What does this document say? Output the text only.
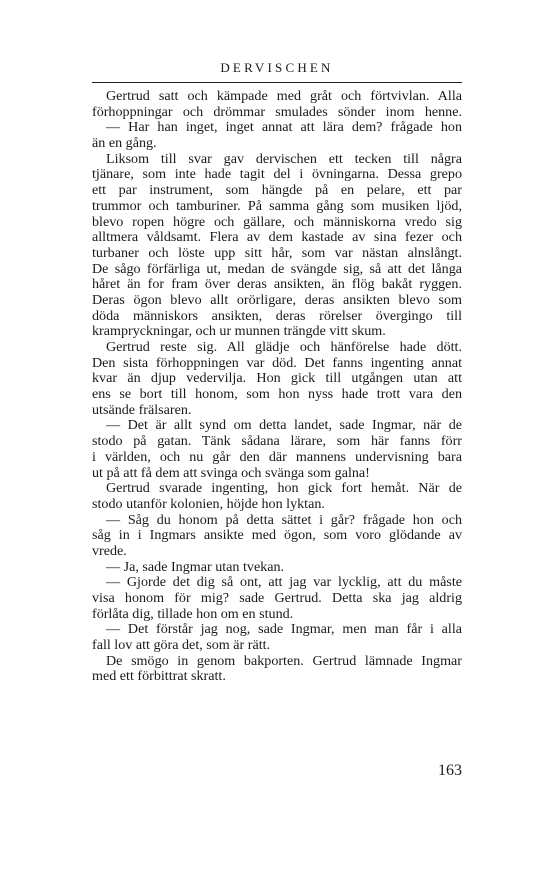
DERVISCHEN
Gertrud satt och kämpade med gråt och förtvivlan. Alla
förhoppningar och drömmar smulades sönder inom henne.
— Har han inget, inget annat att lära dem? frågade hon
än en gång.
Liksom till svar gav dervischen ett tecken till några
tjänare, som inte hade tagit del i övningarna. Dessa grepo
ett par instrument, som hängde på en pelare, ett par
trummor och tamburiner. På samma gång som musiken ljöd,
blevo ropen högre och gällare, och människorna vredo sig
alltmera våldsamt. Flera av dem kastade av sina fezer och
turbaner och löste upp sitt hår, som var nästan alnslångt.
De sågo förfärliga ut, medan de svängde sig, så att det långa
håret än for fram över deras ansikten, än flög bakåt ryggen.
Deras ögon blevo allt orörligare, deras ansikten blevo som
döda människors ansikten, deras rörelser övergingo till
krampryckningar, och ur munnen trängde vitt skum.
Gertrud reste sig. All glädje och hänförelse hade dött.
Den sista förhoppningen var död. Det fanns ingenting annat
kvar än djup vedervilja. Hon gick till utgången utan att
ens se bort till honom, som hon nyss hade trott vara den
utsände frälsaren.
— Det är allt synd om detta landet, sade Ingmar, när de
stodo på gatan. Tänk sådana lärare, som här fanns förr
i världen, och nu går den där mannens undervisning bara
ut på att få dem att svinga och svänga som galna!
Gertrud svarade ingenting, hon gick fort hemåt. När de
stodo utanför kolonien, höjde hon lyktan.
— Såg du honom på detta sättet i går? frågade hon och
såg in i Ingmars ansikte med ögon, som voro glödande av
vrede.
— Ja, sade Ingmar utan tvekan.
— Gjorde det dig så ont, att jag var lycklig, att du måste
visa honom för mig? sade Gertrud. Detta ska jag aldrig
förlåta dig, tillade hon om en stund.
— Det förstår jag nog, sade Ingmar, men man får i alla
fall lov att göra det, som är rätt.
De smögo in genom bakporten. Gertrud lämnade Ingmar
med ett förbittrat skratt.
163
